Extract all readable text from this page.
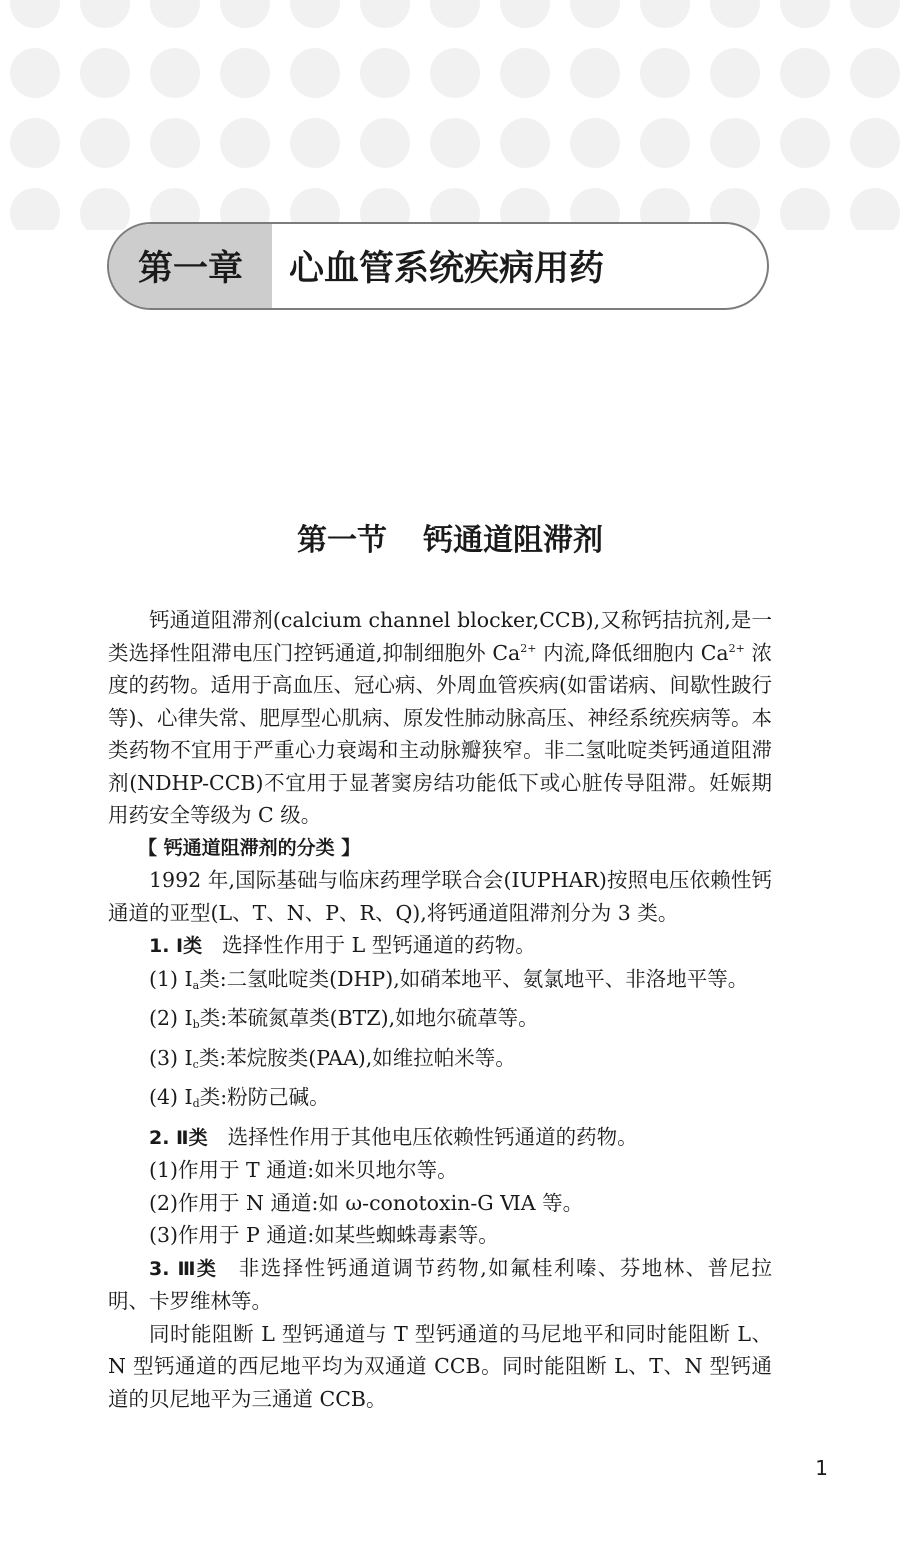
第一章 心血管系统疾病用药
第一节 钙通道阻滞剂

钙通道阻滞剂(calcium channel blocker,CCB),又称钙拮抗剂,是一类选择性阻滞电压门控钙通道,抑制细胞外 $Ca^{2+}$ 内流,降低细胞内 $Ca^{2+}$ 浓度的药物。适用于高血压、冠心病、外周血管疾病(如雷诺病、间歇性跛行等)、心律失常、肥厚型心肌病、原发性肺动脉高压、神经系统疾病等。本类药物不宜用于严重心力衰竭和主动脉瓣狭窄。非二氢吡啶类钙通道阻滞剂(NDHP-CCB)不宜用于显著窦房结功能低下或心脏传导阻滞。妊娠期用药安全等级为 C 级。

【 钙通道阻滞剂的分类 】

1992 年,国际基础与临床药理学联合会(IUPHAR)按照电压依赖性钙通道的亚型(L、T、N、P、R、Q),将钙通道阻滞剂分为 3 类。

1. Ⅰ类 选择性作用于 L 型钙通道的药物。

(1) $Ⅰ_a$类:二氢吡啶类(DHP),如硝苯地平、氨氯地平、非洛地平等。

(2) $Ⅰ_b$类:苯硫氮䓬类(BTZ),如地尔硫䓬等。

(3) $Ⅰ_c$类:苯烷胺类(PAA),如维拉帕米等。

(4) $Ⅰ_d$类:粉防己碱。

2. Ⅱ类 选择性作用于其他电压依赖性钙通道的药物。

(1)作用于 T 通道:如米贝地尔等。

(2)作用于 N 通道:如 ω-conotoxin-G ⅥA 等。

(3)作用于 P 通道:如某些蜘蛛毒素等。

3. Ⅲ类 非选择性钙通道调节药物,如氟桂利嗪、芬地林、普尼拉明、卡罗维林等。

同时能阻断 L 型钙通道与 T 型钙通道的马尼地平和同时能阻断 L、N 型钙通道的西尼地平均为双通道 CCB。同时能阻断 L、T、N 型钙通道的贝尼地平为三通道 CCB。

1
